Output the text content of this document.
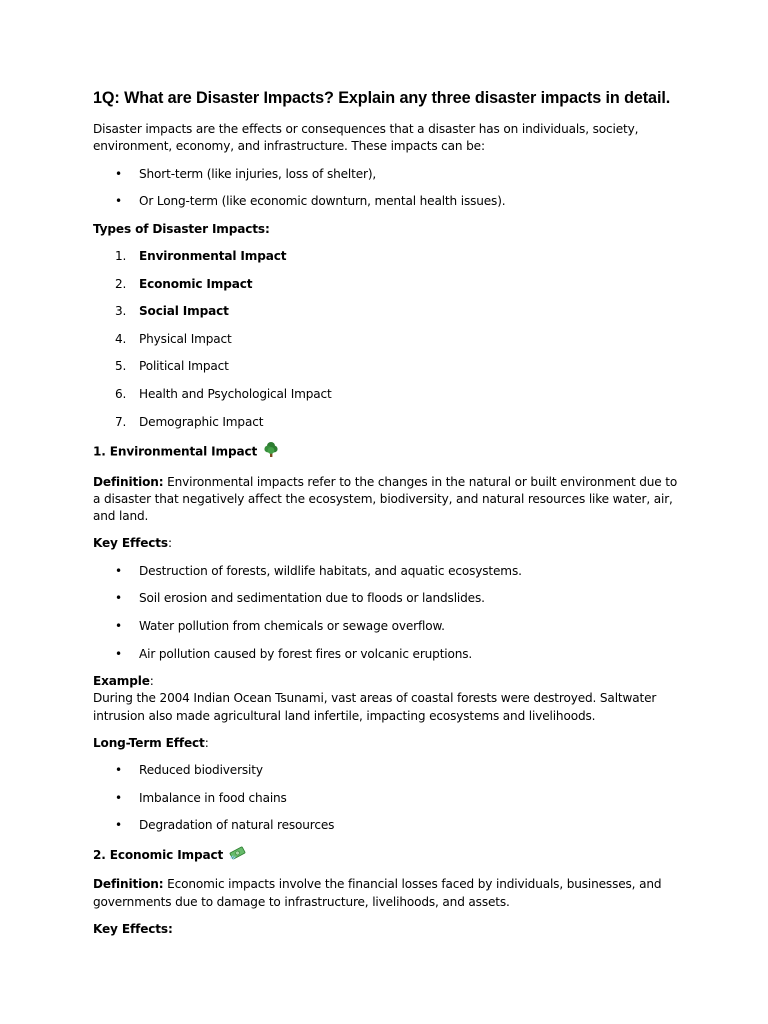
1Q: What are Disaster Impacts? Explain any three disaster impacts in detail.

Disaster impacts are the effects or consequences that a disaster has on individuals, society, environment, economy, and infrastructure. These impacts can be:

• Short-term (like injuries, loss of shelter),
• Or Long-term (like economic downturn, mental health issues).

Types of Disaster Impacts:

1. Environmental Impact
2. Economic Impact
3. Social Impact
4. Physical Impact
5. Political Impact
6. Health and Psychological Impact
7. Demographic Impact

1. Environmental Impact

Definition: Environmental impacts refer to the changes in the natural or built environment due to a disaster that negatively affect the ecosystem, biodiversity, and natural resources like water, air, and land.

Key Effects:

• Destruction of forests, wildlife habitats, and aquatic ecosystems.
• Soil erosion and sedimentation due to floods or landslides.
• Water pollution from chemicals or sewage overflow.
• Air pollution caused by forest fires or volcanic eruptions.

Example:

During the 2004 Indian Ocean Tsunami, vast areas of coastal forests were destroyed. Saltwater intrusion also made agricultural land infertile, impacting ecosystems and livelihoods.

Long-Term Effect:

• Reduced biodiversity
• Imbalance in food chains
• Degradation of natural resources

2. Economic Impact

Definition: Economic impacts involve the financial losses faced by individuals, businesses, and governments due to damage to infrastructure, livelihoods, and assets.

Key Effects:
